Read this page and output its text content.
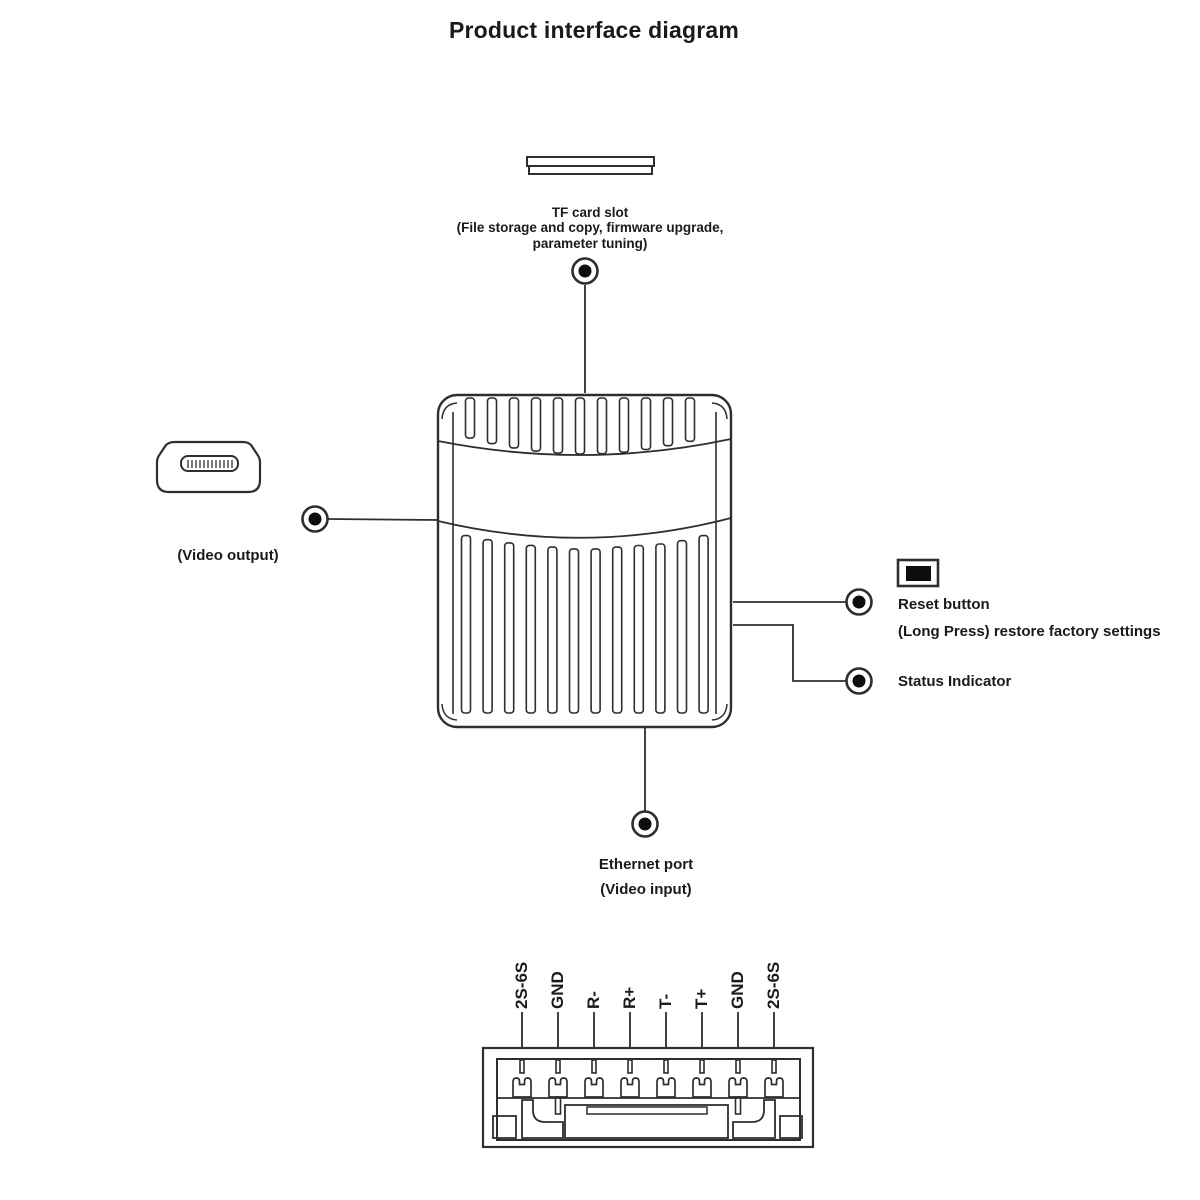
Product interface diagram
TF card slot
(File storage and copy, firmware upgrade,
parameter tuning)
(Video output)
Reset button
(Long Press) restore factory settings
Status Indicator
Ethernet port
(Video input)
2S-6S GND R- R+ T- T+ GND 2S-6S
